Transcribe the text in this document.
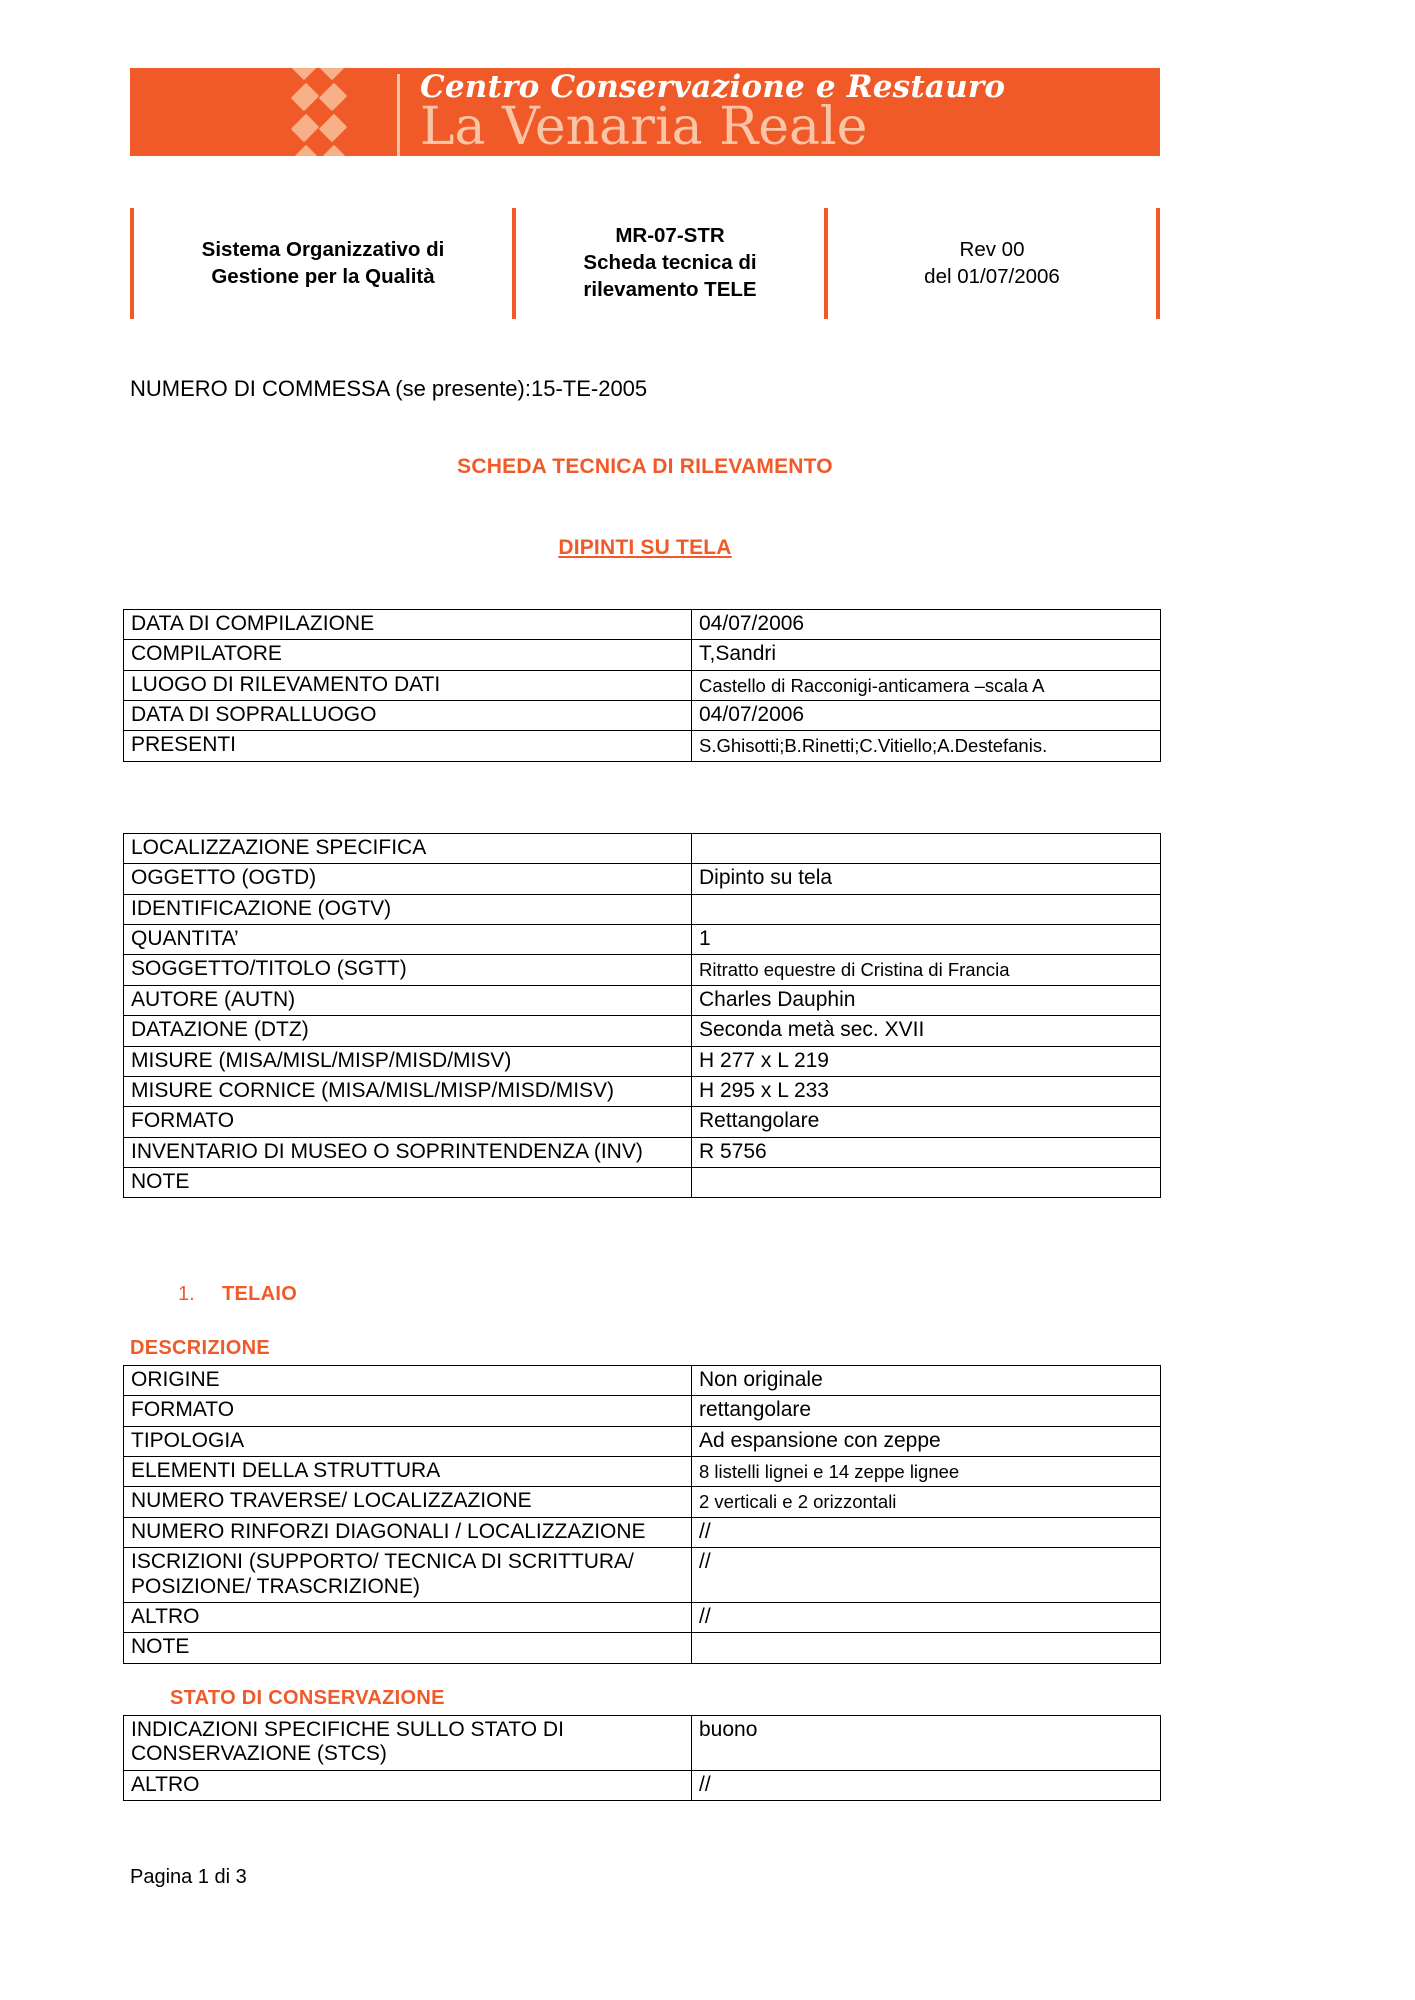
Centro Conservazione e Restauro
La Venaria Reale
Sistema Organizzativo di
Gestione per la Qualità
MR-07-STR
Scheda tecnica di
rilevamento TELE
Rev 00
del 01/07/2006
NUMERO DI COMMESSA (se presente):15-TE-2005
SCHEDA TECNICA DI RILEVAMENTO
DIPINTI SU TELA
DATA DI COMPILAZIONE	04/07/2006
COMPILATORE	T,Sandri
LUOGO DI RILEVAMENTO DATI	Castello di Racconigi-anticamera –scala A
DATA DI SOPRALLUOGO	04/07/2006
PRESENTI	S.Ghisotti;B.Rinetti;C.Vitiello;A.Destefanis.
LOCALIZZAZIONE SPECIFICA	
OGGETTO (OGTD)	Dipinto su tela
IDENTIFICAZIONE (OGTV)	
QUANTITA’	1
SOGGETTO/TITOLO (SGTT)	Ritratto equestre di Cristina di Francia
AUTORE (AUTN)	Charles Dauphin
DATAZIONE (DTZ)	Seconda metà sec. XVII
MISURE (MISA/MISL/MISP/MISD/MISV)	H 277 x L 219
MISURE CORNICE (MISA/MISL/MISP/MISD/MISV)	H 295 x L 233
FORMATO	Rettangolare
INVENTARIO DI MUSEO O SOPRINTENDENZA (INV)	R 5756
NOTE	
1. TELAIO
DESCRIZIONE
ORIGINE	Non originale
FORMATO	rettangolare
TIPOLOGIA	Ad espansione con zeppe
ELEMENTI DELLA STRUTTURA	8 listelli lignei e 14 zeppe lignee
NUMERO TRAVERSE/ LOCALIZZAZIONE	2 verticali e 2 orizzontali
NUMERO RINFORZI DIAGONALI / LOCALIZZAZIONE	//
ISCRIZIONI (SUPPORTO/ TECNICA DI SCRITTURA/ POSIZIONE/ TRASCRIZIONE)	//
ALTRO	//
NOTE	
STATO DI CONSERVAZIONE
INDICAZIONI SPECIFICHE SULLO STATO DI CONSERVAZIONE (STCS)	buono
ALTRO	//
Pagina 1 di 3
